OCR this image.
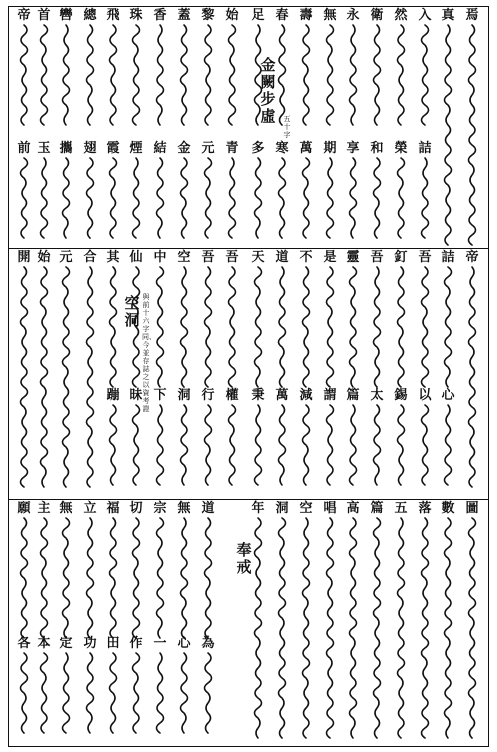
金闕步虛 五十字
焉
真
入
詰
然
榮
衛
和
永
享
無
期
壽
萬
春
寒
足
多
始
青
黎
元
蓋
金
香
結
珠
煙
飛
霞
總
翅
轡
攜
首
玉
帝
前
空洞
與前十六字同、今並存誌之以資考證
帝
詰
心
吾
以
釘
錫
吾
太
靈
篇
是
謂
不
減
道
萬
天
秉
吾
權
吾
行
空
洞
中
下
仙
昧
其
蹦
合
元
始
開
奉戒
圖
數
落
五
篇
高
唱
空
洞
年
道
為
無
心
宗
一
切
作
福
田
立
功
無
定
主
本
願
各
